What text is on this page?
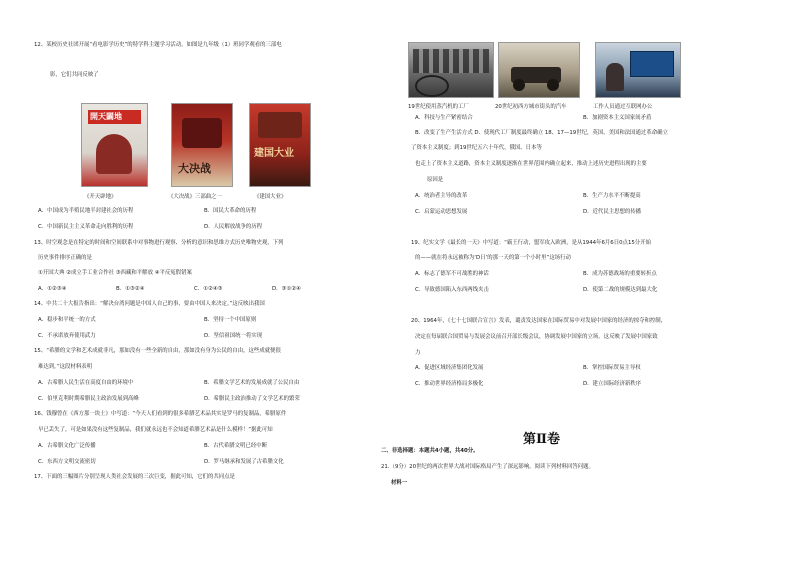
12、某校历史社团开展“看电影学历史”的特学科主题学习活动。如图是九年级（1）班同学观看的三部电
影，它们共同反映了
開天闢地
大决战
建国大业
《开天辟地》	《大决战》三部曲之一	《建国大业》
A．中国成为半殖民地半封建社会的历程	B．国民大革命的历程
C．中国新民主主义革命走向胜利的历程	D．人民解放战争的历程
13、时空观念是在特定的时间和空间联系中对事物进行观察、分析的意识和思维方式历史唯物史观，下列
历史事件排序正确的是
①开国大典 ②成立手工业合作社 ③西藏和平解放 ④平反冤假错案
A．①②③④	B．①③②④	C．①②④③	D．③①②④
14、中共二十大报告指出：“解决台湾问题是中国人自己的事，要由中国人来决定。”这反映出我国
A．稳步和平统一的方式	B．坚持一个中国原则
C．不承诺放弃使用武力	D．坚信祖国统一将实现
15、“希腊的文学和艺术成就非凡，那如没有一些全新的自由，那如没有身为公民的自由，这些成就便很
难达到。”这段材料表明
A．古希腊人民生活在高度自由的环境中	B．希腊文学艺术的发展成就了公民自由
C．伯里克利时期希腊民主政治发展到高峰	D．希腊民主政治推动了文学艺术的繁荣
16、钱穆曾在《西方那一块土》中写道：“今天人们看到的很多希腊艺术品其实是罗马的复制品，希腊原件
早已丢失了，可是如果没有这些复制品，我们就永远也不会知道希腊艺术品是什么模样！”据此可知
A．古希腊文化广泛传播	B．古代希腊文明已经中断
C．东西方文明交流密切	D．罗马继承和发展了古希腊文化
17、下面的三幅图片分别呈现人类社会发展的三次巨变，据此可知，它们的共同点是
19世纪使用蒸汽机的工厂	20世纪初西方城市街头的汽车	工作人员通过互联网办公
A．科技与生产紧密结合	B．加剧资本主义国家间矛盾
B．改变了生产生活方式 D．使现代工厂制度最终确立 18、17—19世纪，英国、美国和法国通过革命确立
了资本主义制度；到19世纪五六十年代，俄国、日本等
也走上了资本主义道路，资本主义制度逐渐在世界范围内确立起来，推动上述历史进程出现的主要
原因是
A．统治者主导的改革	B．生产力水平不断提高
C．启蒙运动思想发展	D．近代民主思想的传播
19、纪实文学《最长的一天》中写道：“霸王行动，盟军攻入欧洲，是从1944年6月6日0点15分开始
的——就在将永远被称为‘D日’的那一天的第一个小时里”这场行动
A．标志了德军不可战胜的神话	B．成为苏德战场的重要转折点
C．导致德国陷入东西两线夹击	D．使第二战的规模达到最大化
20、1964年，《七十七国联合宣言》发表，谴责发达国家在国际贸易中对发展中国家的经济的掠夺和控制，
决定在每届联合国贸易与发展会议前召开部长级会议，协调发展中国家的立场。这反映了发展中国家致
力
A．促进区域经济集团化发展	B．掌控国际贸易主导权
C．推动世界经济格局多极化	D．建立国际经济新秩序
第Ⅱ卷
二、非选择题：本题共4小题，共40分。
21.（9分）20世纪的两次世界大战对国际格局产生了深远影响。阅读下列材料回答问题。
材料一
